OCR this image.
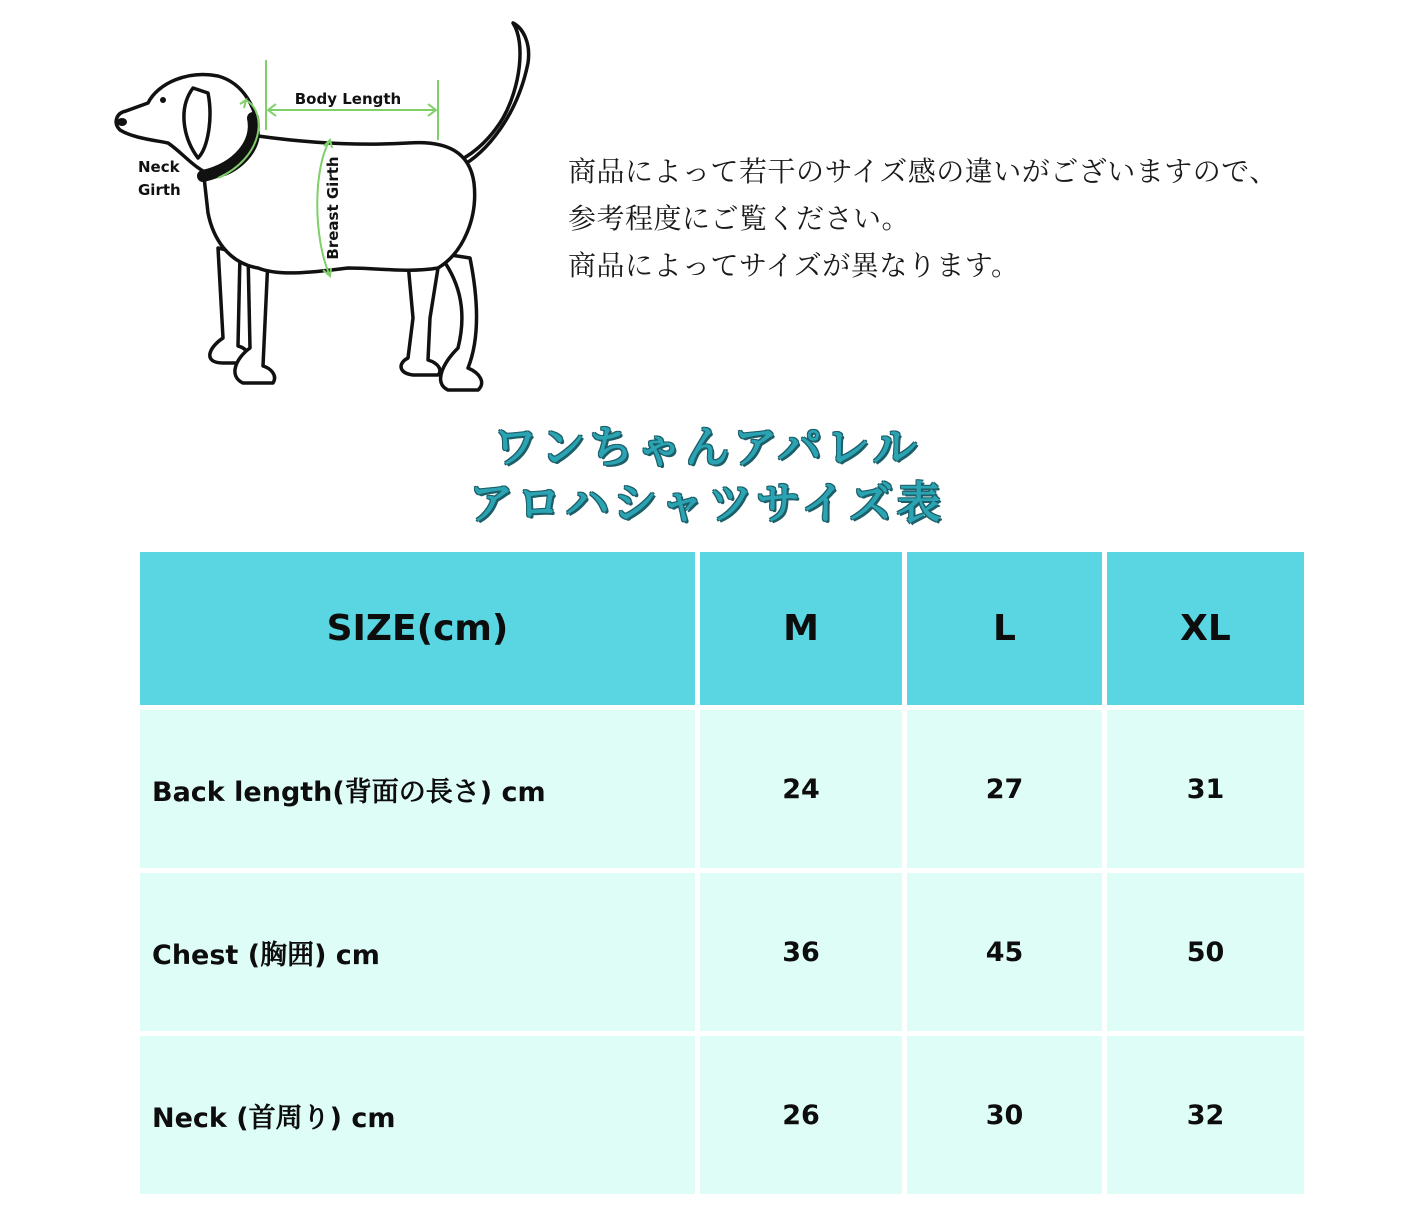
Body Length
Neck
Girth	Breast Girth	商品によって若干のサイズ感の違いがございますので、
参考程度にご覧ください。
商品によってサイズが異なります。
ワンちゃんアパレル
アロハシャツサイズ表
SIZE(cm)	M	L	XL
Back length(背面の長さ) cm	24	27	31
Chest (胸囲) cm	36	45	50
Neck (首周り) cm	26	30	32
